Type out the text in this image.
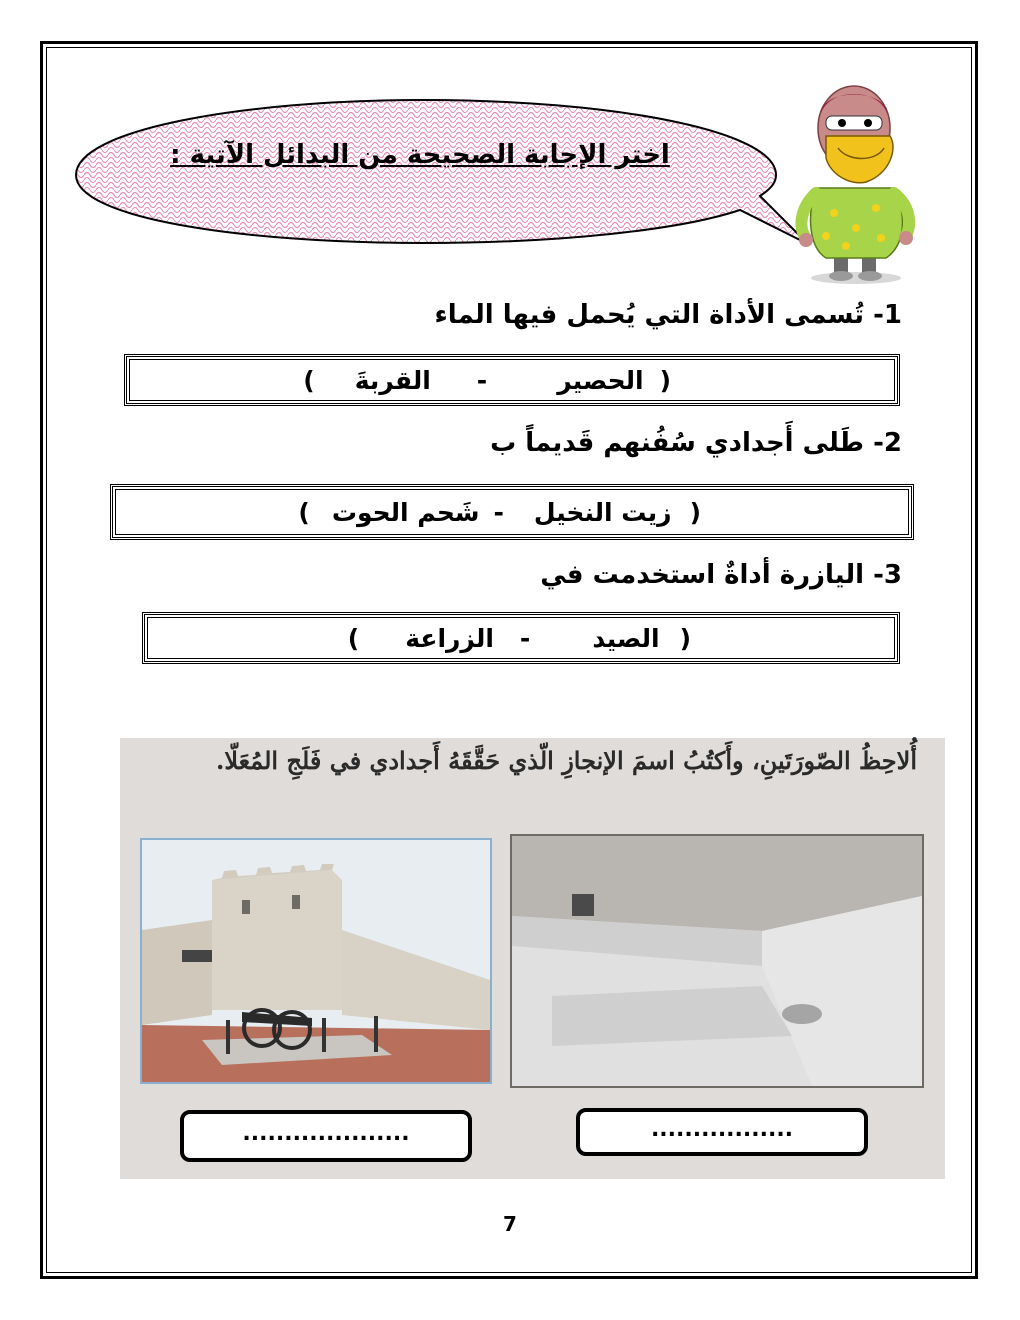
اختر الإجابة الصحيحة من البدائل الآتية :
1- تُسمى الأداة التي يُحمل فيها الماء
(
الحصير
-
القربةَ
)
2- طَلى أَجدادي سُفُنهم قَديماً ب
(
زيت النخيل
-
شَحم الحوت
)
3- اليازرة أداةٌ استخدمت في
(
الصيد
-
الزراعة
)
أُلاحِظُ الصّورَتَينِ، وأَكتُبُ اسمَ الإنجازِ الّذي حَقَّقَهُ أَجدادي في فَلَجِ المُعَلّا.
....................	.................
7
